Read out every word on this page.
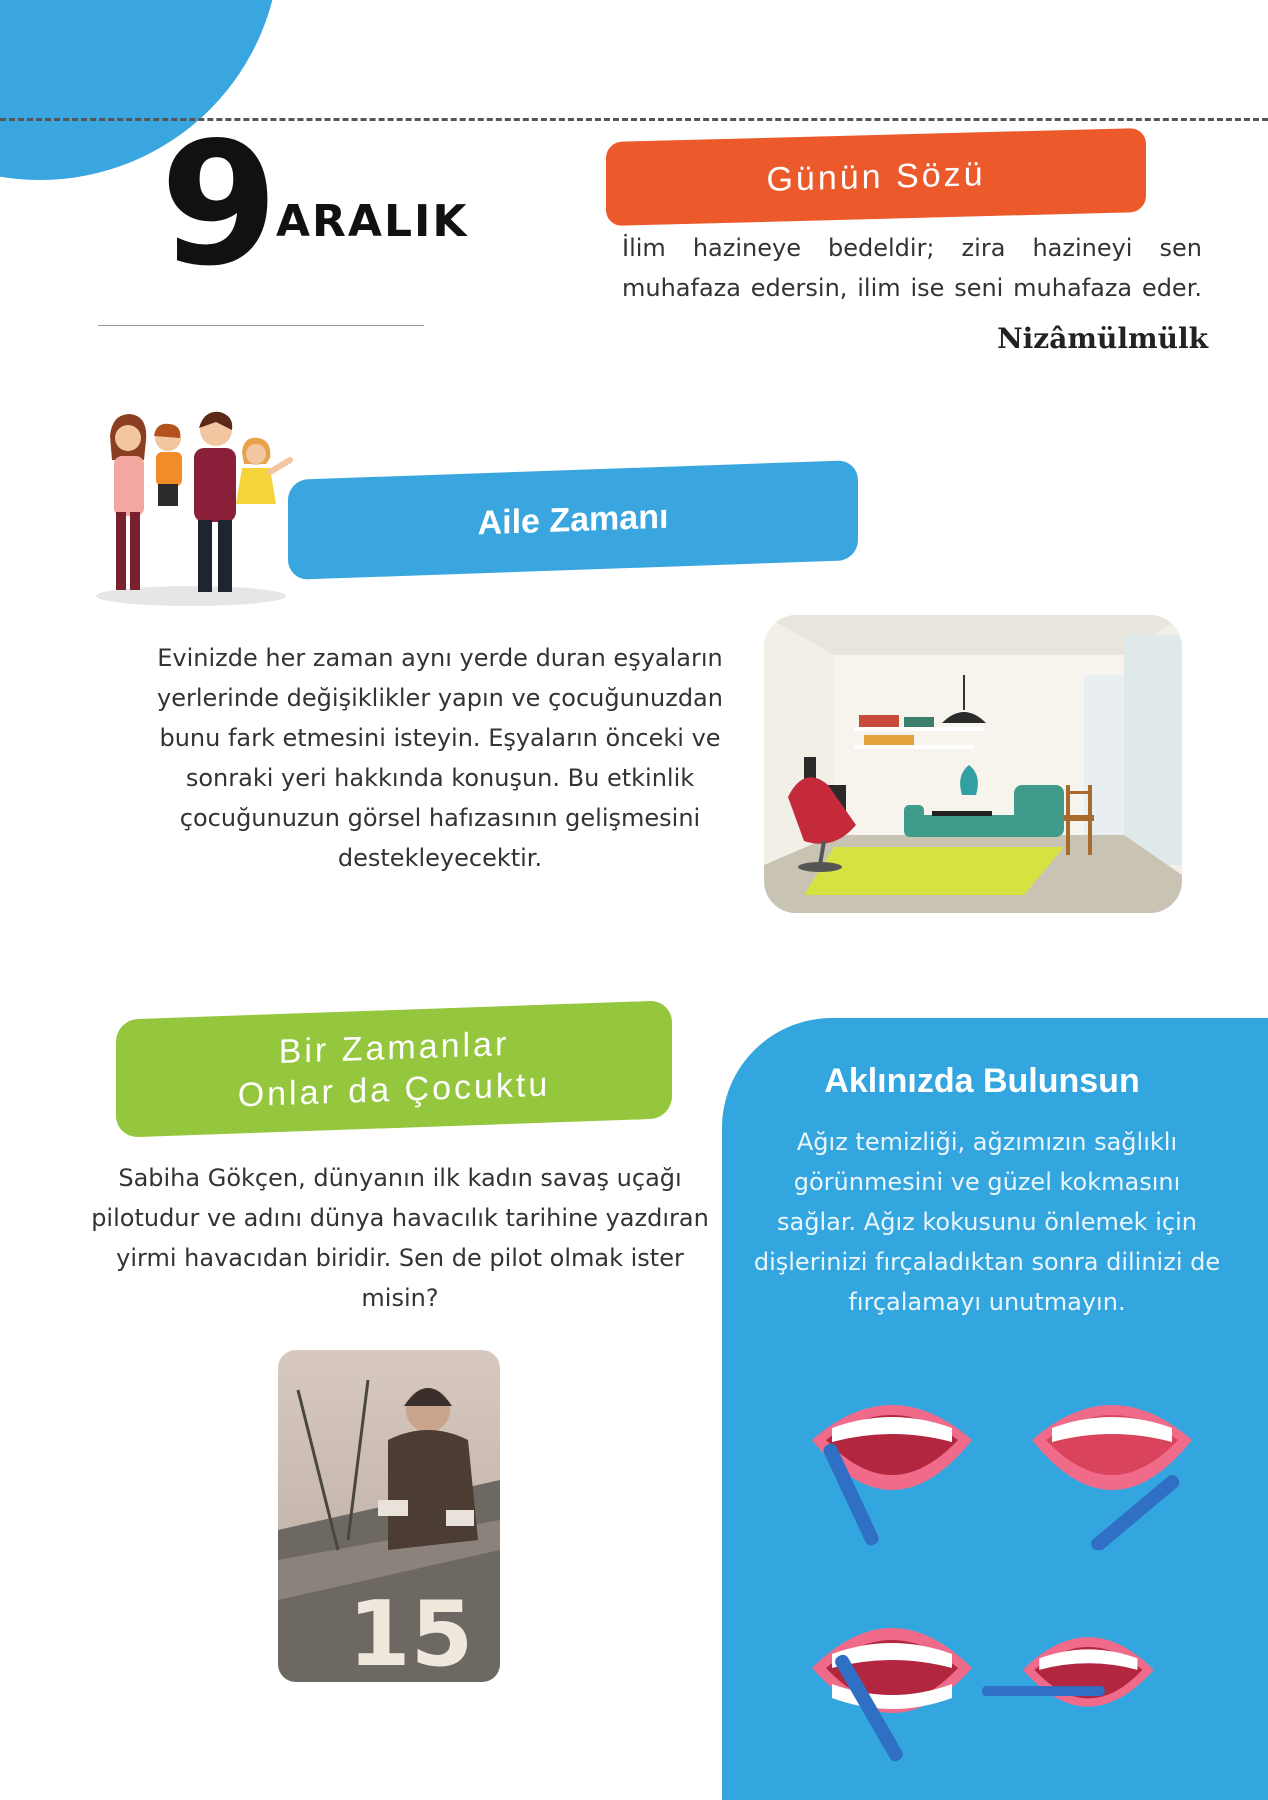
9
ARALIK
Günün Sözü
İlim hazineye bedeldir; zira hazineyi sen muhafaza edersin, ilim ise seni muhafaza eder.
Nizâmülmülk
Aile Zamanı
Evinizde her zaman aynı yerde duran eşyaların yerlerinde değişiklikler yapın ve çocuğunuzdan bunu fark etmesini isteyin. Eşyaların önceki ve sonraki yeri hakkında konuşun. Bu etkinlik çocuğunuzun görsel hafızasının gelişmesini destekleyecektir.
Bir Zamanlar
Onlar da Çocuktu
Sabiha Gökçen, dünyanın ilk kadın savaş uçağı pilotudur ve adını dünya havacılık tarihine yazdıran yirmi havacıdan biridir. Sen de pilot olmak ister misin?
15
Aklınızda Bulunsun
Ağız temizliği, ağzımızın sağlıklı görünmesini ve güzel kokmasını sağlar. Ağız kokusunu önlemek için dişlerinizi fırçaladıktan sonra dilinizi de fırçalamayı unutmayın.
